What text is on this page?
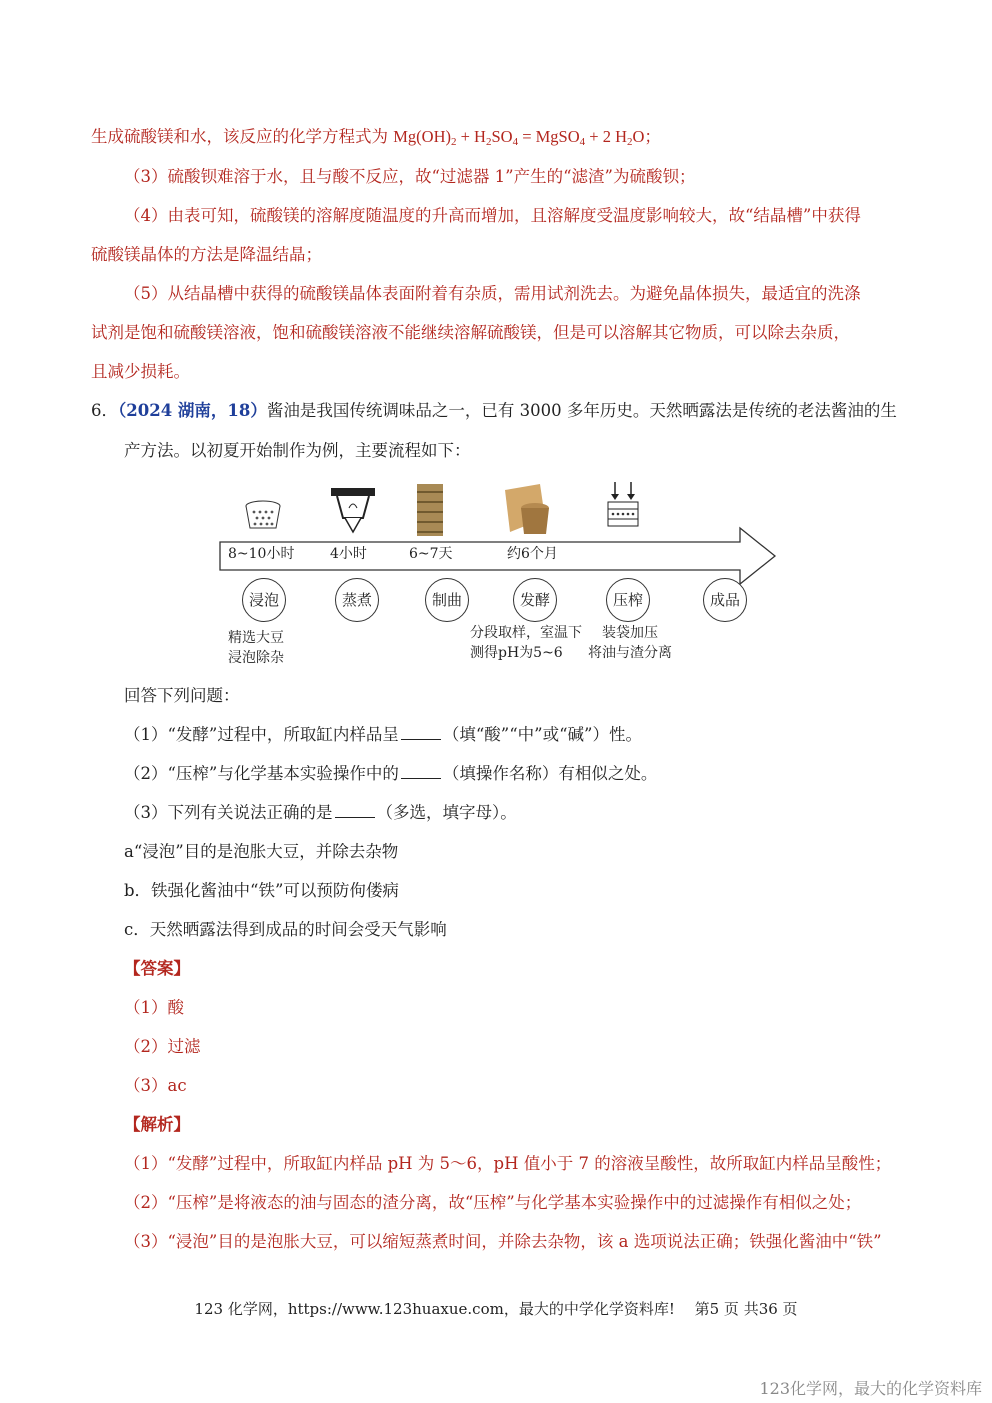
生成硫酸镁和水，该反应的化学方程式为 $Mg(OH)_2 + H_2SO_4$ = MgSO$_4$ + 2 $H_2O$；
（3）硫酸钡难溶于水，且与酸不反应，故“过滤器 1”产生的“滤渣”为硫酸钡；
（4）由表可知，硫酸镁的溶解度随温度的升高而增加，且溶解度受温度影响较大，故“结晶槽”中获得
硫酸镁晶体的方法是降温结晶；
（5）从结晶槽中获得的硫酸镁晶体表面附着有杂质，需用试剂洗去。为避免晶体损失，最适宜的洗涤
试剂是饱和硫酸镁溶液，饱和硫酸镁溶液不能继续溶解硫酸镁，但是可以溶解其它物质，可以除去杂质，
且减少损耗。
6．（2024 湖南，18）酱油是我国传统调味品之一，已有 3000 多年历史。天然晒露法是传统的老法酱油的生
产方法。以初夏开始制作为例，主要流程如下：
8~10小时	4小时	6~7天	约6个月
浸泡	蒸煮	制曲	发酵	压榨	成品
精选大豆
浸泡除杂
分段取样，室温下
测得pH为5~6
装袋加压
将油与渣分离
回答下列问题：
（1）“发酵”过程中，所取缸内样品呈	（填“酸”“中”或“碱”）性。
（2）“压榨”与化学基本实验操作中的	（填操作名称）有相似之处。
（3）下列有关说法正确的是	（多选，填字母）。
a“浸泡”目的是泡胀大豆，并除去杂物
b．铁强化酱油中“铁”可以预防佝偻病
c．天然晒露法得到成品的时间会受天气影响
【答案】
（1）酸
（2）过滤
（3）ac
【解析】
（1）“发酵”过程中，所取缸内样品 pH 为 5～6，pH 值小于 7 的溶液呈酸性，故所取缸内样品呈酸性；
（2）“压榨”是将液态的油与固态的渣分离，故“压榨”与化学基本实验操作中的过滤操作有相似之处；
（3）“浸泡”目的是泡胀大豆，可以缩短蒸煮时间，并除去杂物，该 a 选项说法正确；铁强化酱油中“铁”
123 化学网，https://www.123huaxue.com，最大的中学化学资料库!　 第5 页 共36 页
123化学网，最大的化学资料库
